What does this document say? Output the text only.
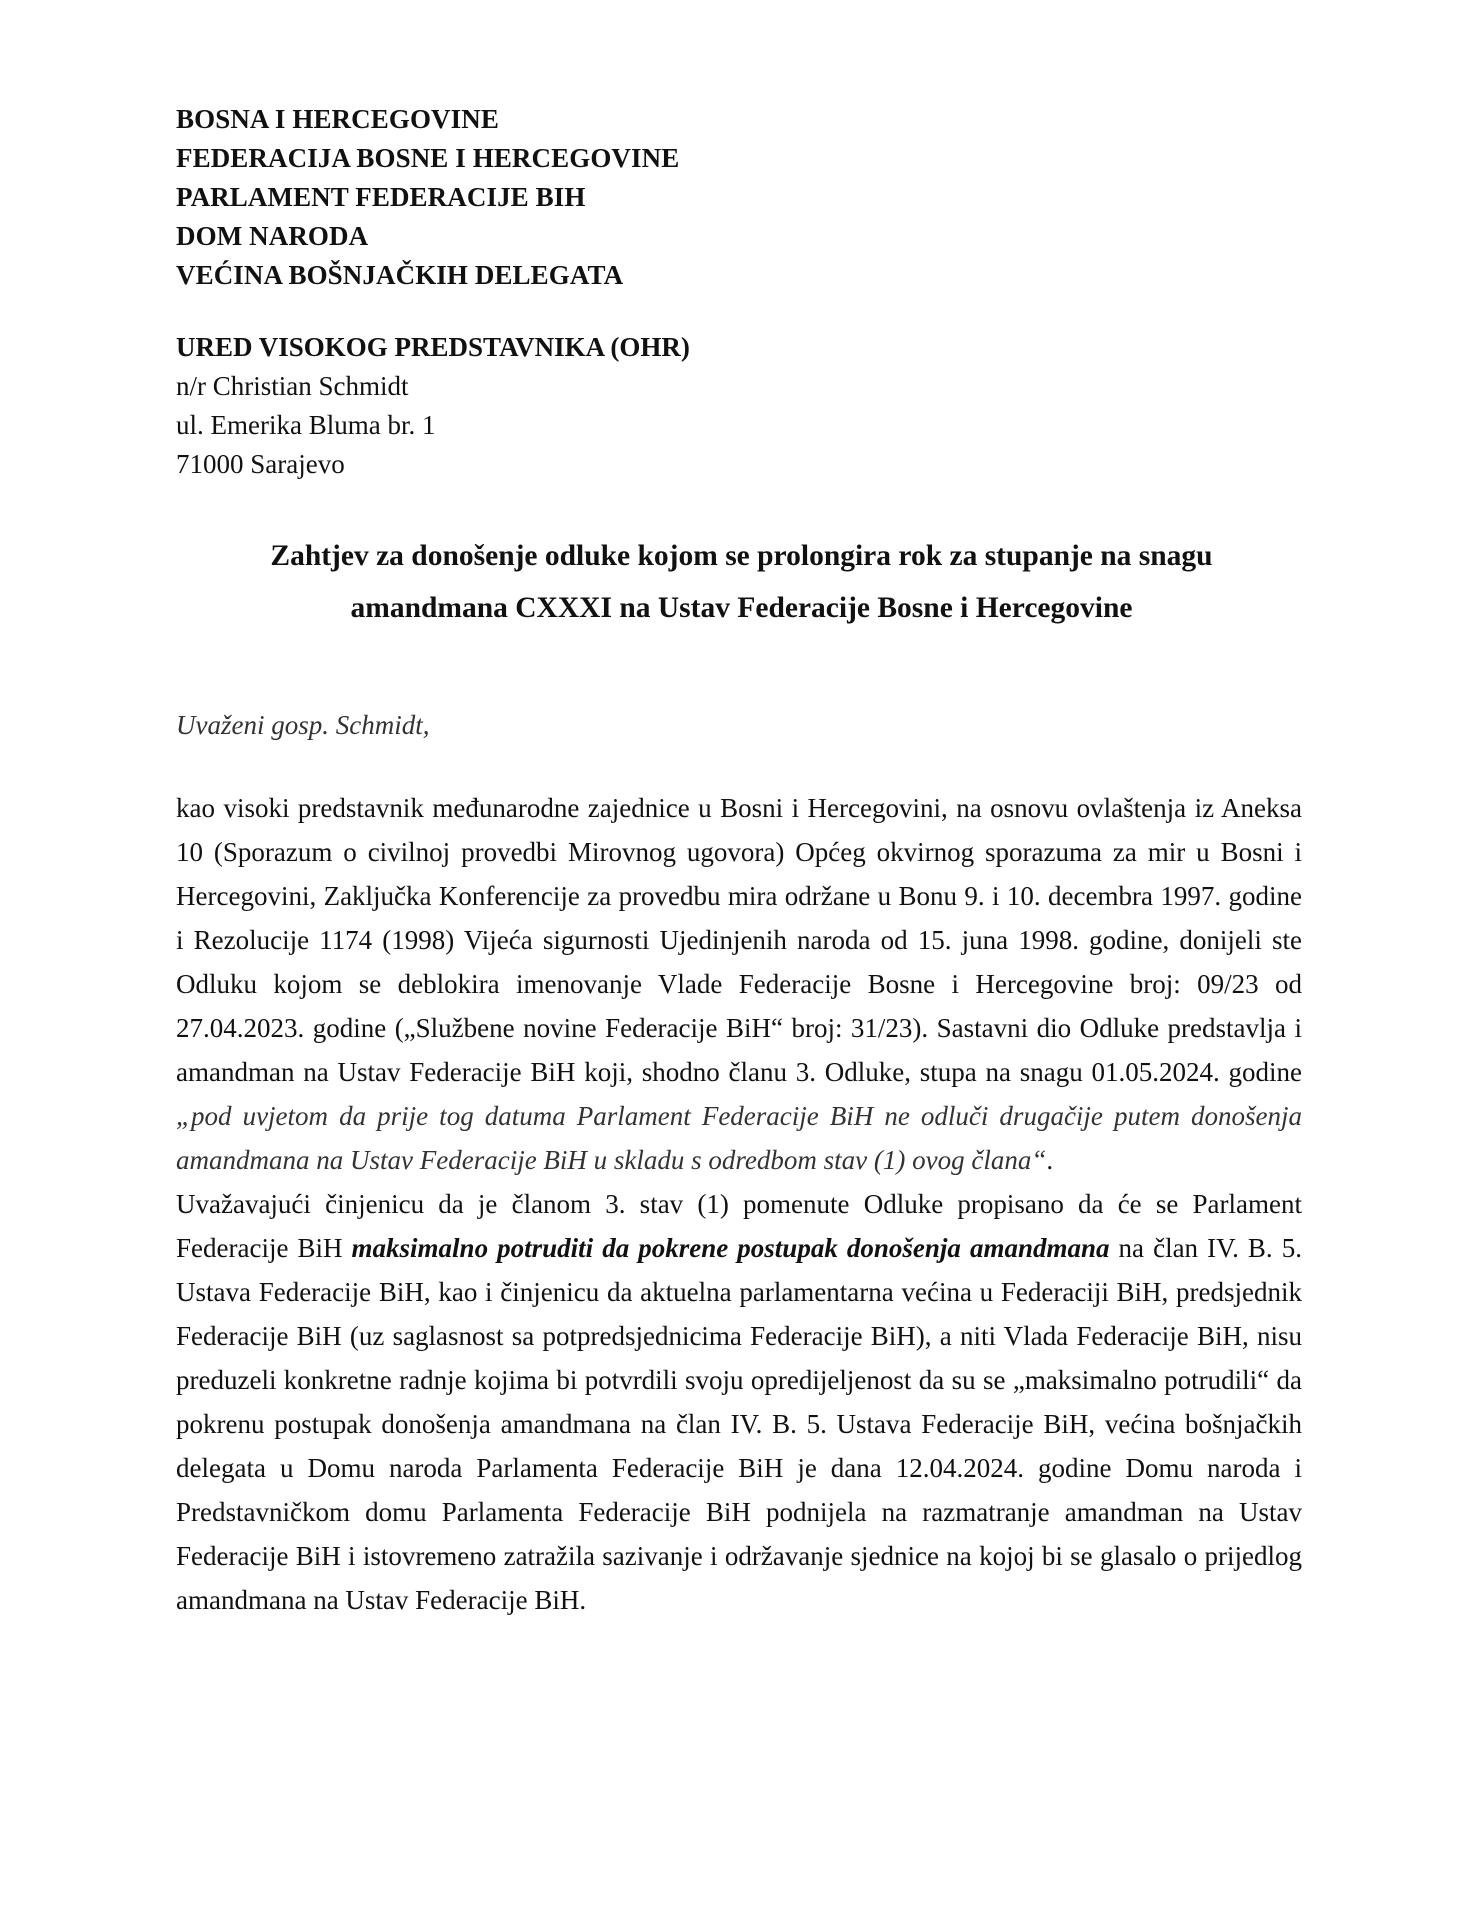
BOSNA I HERCEGOVINE
FEDERACIJA BOSNE I HERCEGOVINE
PARLAMENT FEDERACIJE BIH
DOM NARODA
VEĆINA BOŠNJAČKIH DELEGATA
URED VISOKOG PREDSTAVNIKA (OHR)
n/r Christian Schmidt
ul. Emerika Bluma br. 1
71000 Sarajevo
Zahtjev za donošenje odluke kojom se prolongira rok za stupanje na snagu
amandmana CXXXI na Ustav Federacije Bosne i Hercegovine
Uvaženi gosp. Schmidt,

kao visoki predstavnik međunarodne zajednice u Bosni i Hercegovini, na osnovu ovlaštenja iz Aneksa 10 (Sporazum o civilnoj provedbi Mirovnog ugovora) Općeg okvirnog sporazuma za mir u Bosni i Hercegovini, Zaključka Konferencije za provedbu mira održane u Bonu 9. i 10. decembra 1997. godine i Rezolucije 1174 (1998) Vijeća sigurnosti Ujedinjenih naroda od 15. juna 1998. godine, donijeli ste Odluku kojom se deblokira imenovanje Vlade Federacije Bosne i Hercegovine broj: 09/23 od 27.04.2023. godine („Službene novine Federacije BiH“ broj: 31/23). Sastavni dio Odluke predstavlja i amandman na Ustav Federacije BiH koji, shodno članu 3. Odluke, stupa na snagu 01.05.2024. godine „pod uvjetom da prije tog datuma Parlament Federacije BiH ne odluči drugačije putem donošenja amandmana na Ustav Federacije BiH u skladu s odredbom stav (1) ovog člana“.

Uvažavajući činjenicu da je članom 3. stav (1) pomenute Odluke propisano da će se Parlament Federacije BiH maksimalno potruditi da pokrene postupak donošenja amandmana na član IV. B. 5. Ustava Federacije BiH, kao i činjenicu da aktuelna parlamentarna većina u Federaciji BiH, predsjednik Federacije BiH (uz saglasnost sa potpredsjednicima Federacije BiH), a niti Vlada Federacije BiH, nisu preduzeli konkretne radnje kojima bi potvrdili svoju opredijeljenost da su se „maksimalno potrudili“ da pokrenu postupak donošenja amandmana na član IV. B. 5. Ustava Federacije BiH, većina bošnjačkih delegata u Domu naroda Parlamenta Federacije BiH je dana 12.04.2024. godine Domu naroda i Predstavničkom domu Parlamenta Federacije BiH podnijela na razmatranje amandman na Ustav Federacije BiH i istovremeno zatražila sazivanje i održavanje sjednice na kojoj bi se glasalo o prijedlog amandmana na Ustav Federacije BiH.
